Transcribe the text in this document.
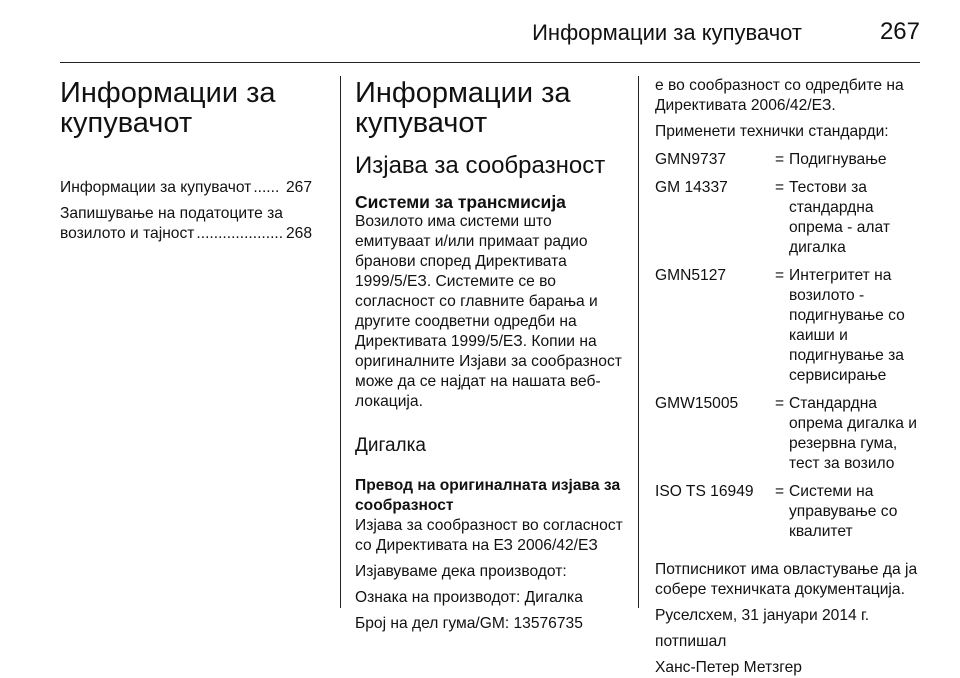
Информации за купувачот	267
Информации за купувачот
Информации за купувачот ...... 267
Запишување на податоците за
возилото и тајност .................... 268
Информации за купувачот
Изјава за сообразност
Системи за трансмисија

Возилото има системи што емитуваат и/или примаат радио бранови според Директивата 1999/5/EЗ. Системите се во согласност со главните барања и другите соодветни одредби на Директивата 1999/5/EЗ. Копии на оригиналните Изјави за сообразност може да се најдат на нашата веб-локација.

Дигалка
Превод на оригиналната изјава за сообразност

Изјава за сообразност во согласност со Директивата на ЕЗ 2006/42/EЗ

Изјавуваме дека производот:

Ознака на производот: Дигалка

Број на дел гума/GM: 13576735

е во сообразност со одредбите на Директивата 2006/42/EЗ.

Применети технички стандарди:

GMN9737	= Подигнување
GM 14337	= Тестови за стандардна опрема - алат дигалка
GMN5127	= Интегритет на возилото - подигнување со каиши и подигнување за сервисирање
GMW15005	= Стандардна опрема дигалка и резервна гума, тест за возило
ISO TS 16949	= Системи на управување со квалитет

Потписникот има овластување да ја собере техничката документација.

Руселсхем, 31 јануари 2014 г.

потпишал

Ханс-Петер Метзгер
